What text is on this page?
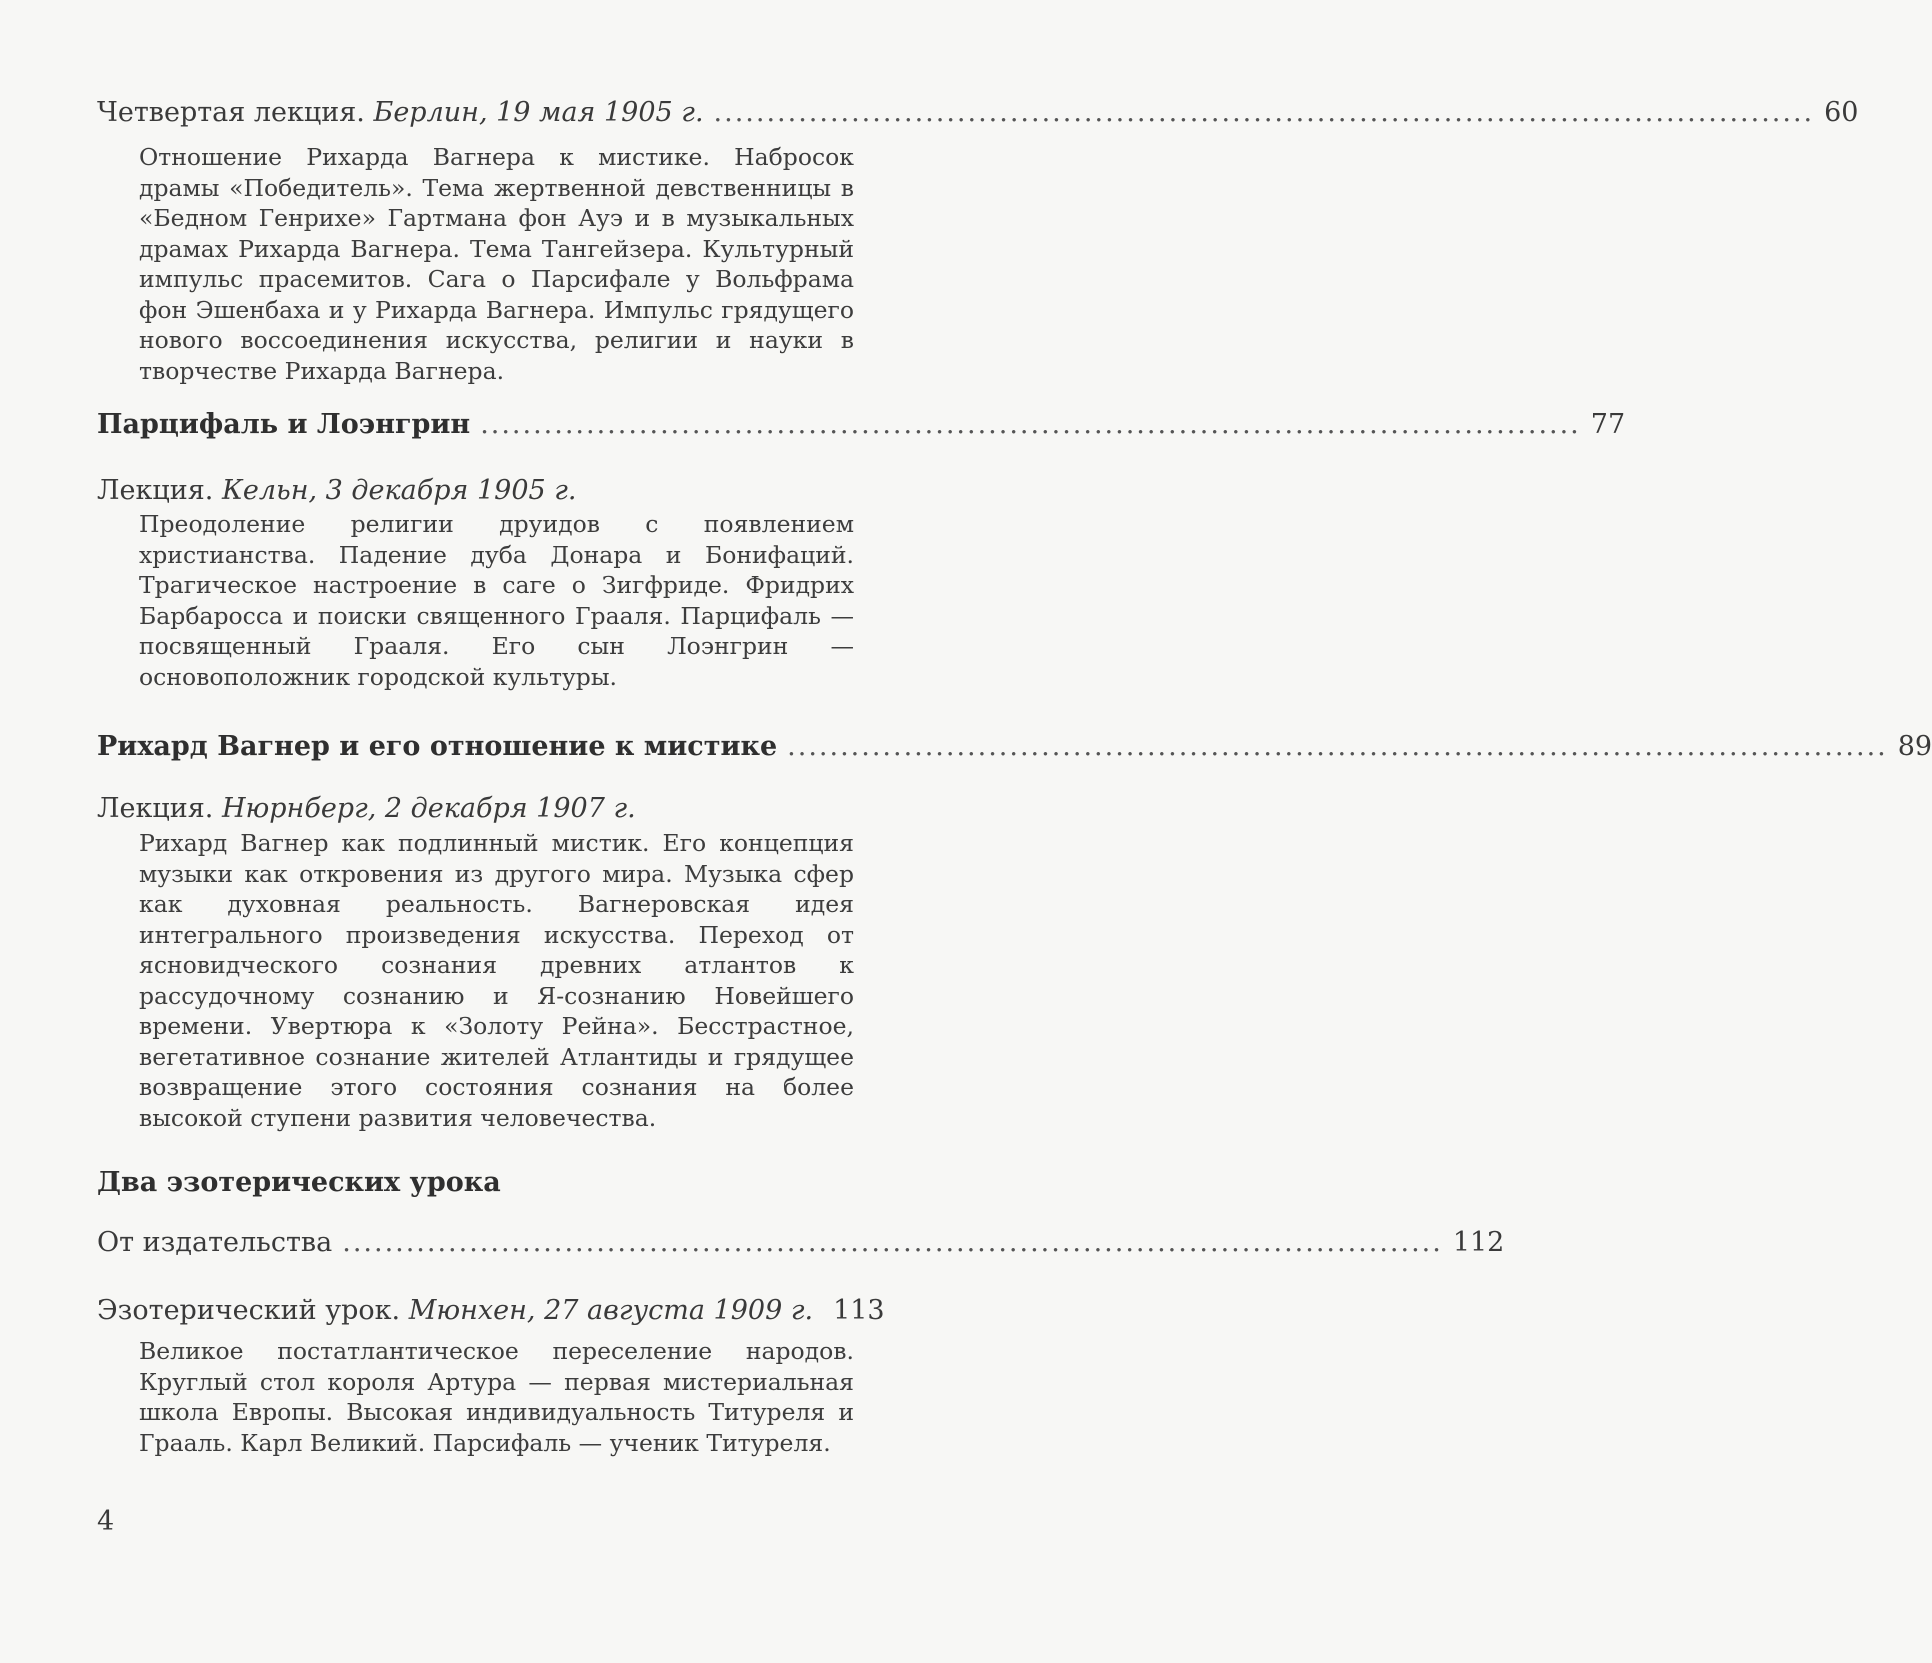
Четвертая лекция. Берлин, 19 мая 1905 г. ........................................................................................................ 60
Отношение Рихарда Вагнера к мистике. Набросок драмы «Победитель». Тема жертвенной девственницы в «Бедном Генрихе» Гартмана фон Ауэ и в музыкальных драмах Рихарда Вагнера. Тема Тангейзера. Культурный импульс прасемитов. Сага о Парсифале у Вольфрама фон Эшенбаха и у Рихарда Вагнера. Импульс грядущего нового воссоединения искусства, религии и науки в творчестве Рихарда Вагнера.
Парцифаль и Лоэнгрин ........................................................................................................ 77
Лекция. Кельн, 3 декабря 1905 г.
Преодоление религии друидов с появлением христианства. Падение дуба Донара и Бонифаций. Трагическое настроение в саге о Зигфриде. Фридрих Барбаросса и поиски священного Грааля. Парцифаль — посвященный Грааля. Его сын Лоэнгрин — основоположник городской культуры.
Рихард Вагнер и его отношение к мистике ........................................................................................................ 89
Лекция. Нюрнберг, 2 декабря 1907 г.
Рихард Вагнер как подлинный мистик. Его концепция музыки как откровения из другого мира. Музыка сфер как духовная реальность. Вагнеровская идея интегрального произведения искусства. Переход от ясновидческого сознания древних атлантов к рассудочному сознанию и Я-сознанию Новейшего времени. Увертюра к «Золоту Рейна». Бесстрастное, вегетативное сознание жителей Атлантиды и грядущее возвращение этого состояния сознания на более высокой ступени развития человечества.
Два эзотерических урока
От издательства ........................................................................................................ 112
Эзотерический урок. Мюнхен, 27 августа 1909 г. 113
Великое постатлантическое переселение народов. Круглый стол короля Артура — первая мистериальная школа Европы. Высокая индивидуальность Титуреля и Грааль. Карл Великий. Парсифаль — ученик Титуреля.
4
